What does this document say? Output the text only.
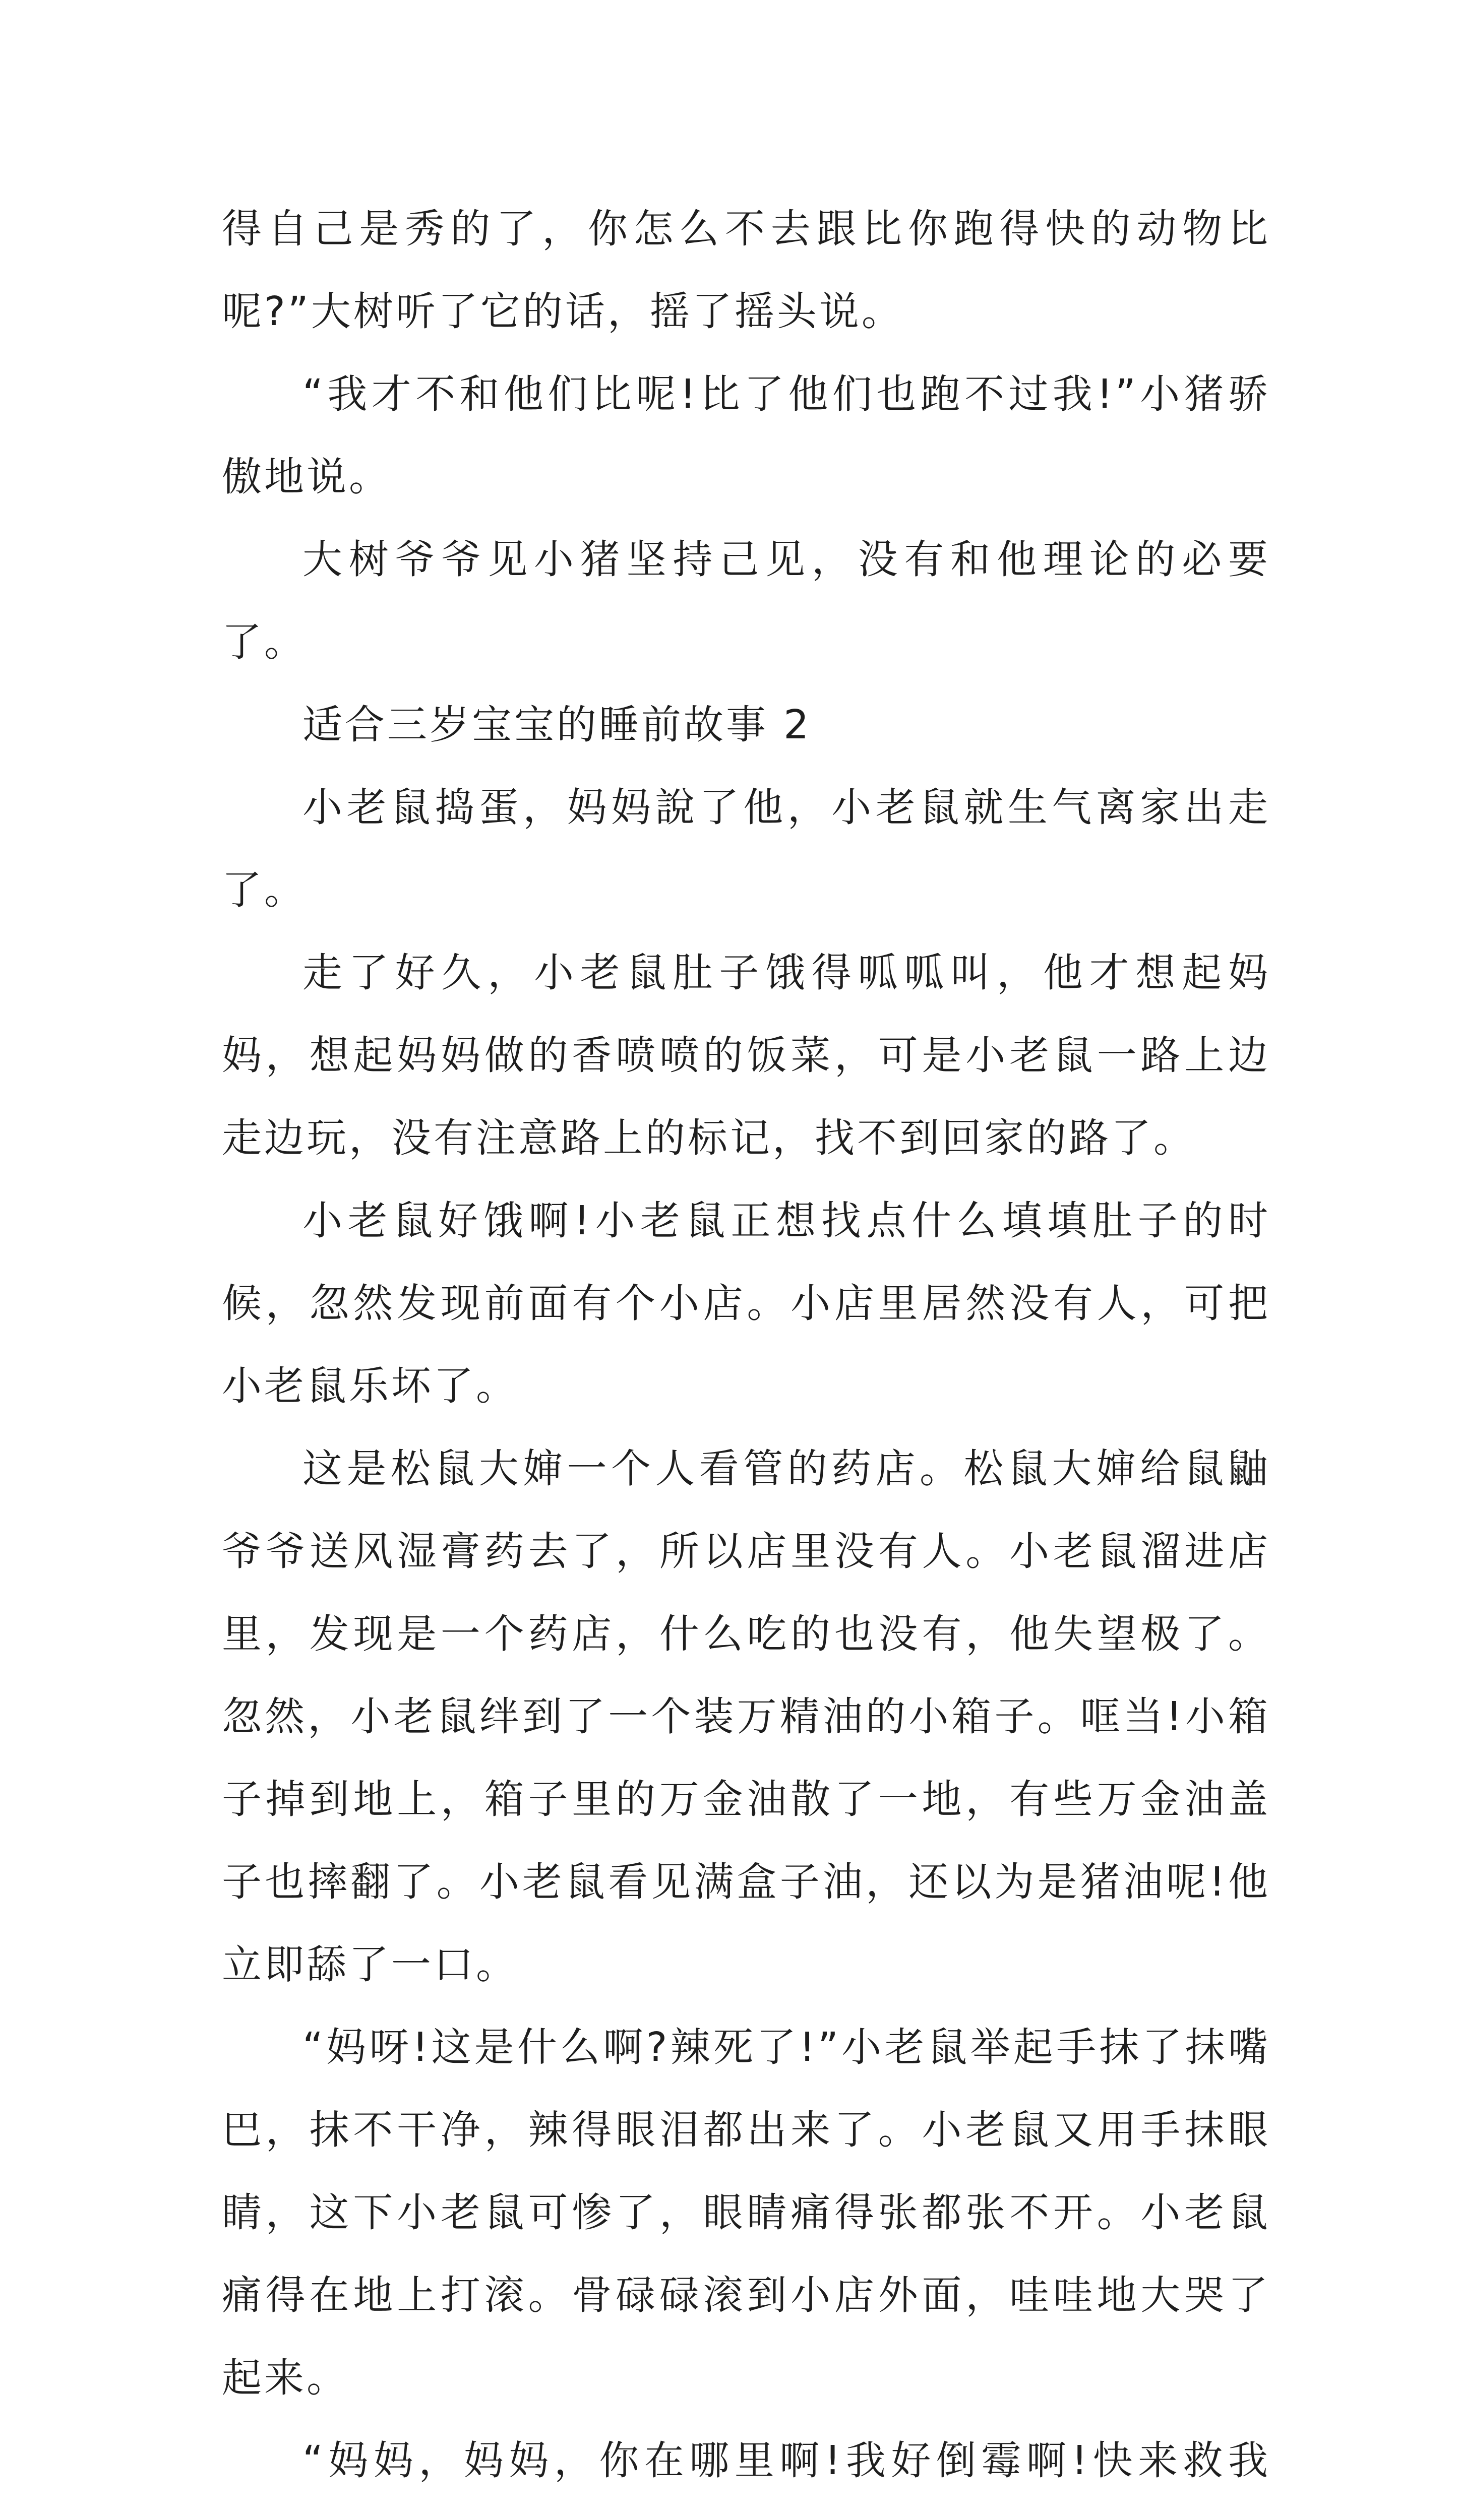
得自己是秀的了，你怎么不去跟比你跑得快的动物比呢?”大树听了它的话，摇了摇头说。

“我才不和他们比呢!比了他们也跑不过我!”小猪骄傲地说。

大树爷爷见小猪坚持己见，没有和他理论的必要了。

适合三岁宝宝的睡前故事 2

小老鼠捣蛋，妈妈說了他，小老鼠就生气离家出走了。

走了好久，小老鼠肚子饿得呱呱叫，他才想起妈妈，想起妈妈做的香喷喷的饭菜，可是小老鼠一路上边走边玩，没有注意路上的标记，找不到回家的路了。

小老鼠好饿啊!小老鼠正想找点什么填填肚子的时候，忽然发现前面有个小店。小店里居然没有人，可把小老鼠乐坏了。

这是松鼠大婶一个人看管的药店。松鼠大婶给鼠鼬爷爷送风湿膏药去了，所以店里没有人。小老鼠溜进店里，发现是一个药店，什么吃的也没有，他失望极了。忽然，小老鼠绊到了一个装万精油的小箱子。哐当!小箱子掉到地上，箱子里的万金油散了一地，有些万金油盖子也摔翻了。小老鼠看见满盒子油，还以为是猪油呢!他立即舔了一口。

“妈呀!这是什么啊?辣死了!”小老鼠举起手抹了抹嘴巴，抹不干净，辣得眼泪都出来了。小老鼠又用手抹眼睛，这下小老鼠可惨了，眼睛痛得张都张不开。小老鼠痛得在地上打滚。骨碌碌滚到小店外面，哇哇地大哭了起来。

“妈妈，妈妈，你在哪里啊!我好倒霉啊!快来救我
